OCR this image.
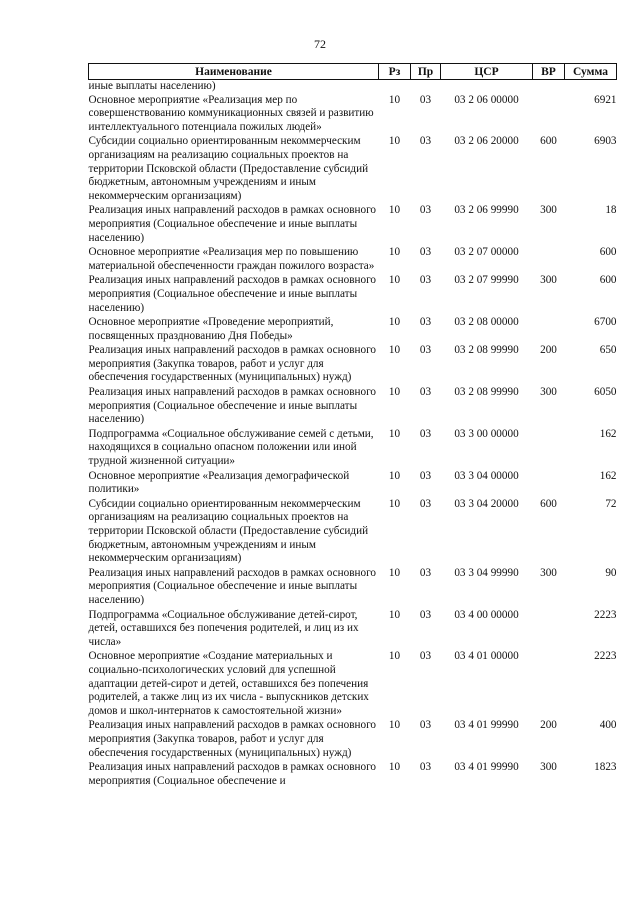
72
Наименование	Рз	Пр	ЦСР	ВР	Сумма
иные выплаты населению)					
Основное мероприятие «Реализация мер по совершенствованию коммуникационных связей и развитию интеллектуального потенциала пожилых людей»	10	03	03 2 06 00000		6921
Субсидии социально ориентированным некоммерческим организациям на реализацию социальных проектов на территории Псковской области (Предоставление субсидий бюджетным, автономным учреждениям и иным некоммерческим организациям)	10	03	03 2 06 20000	600	6903
Реализация иных направлений расходов в рамках основного мероприятия (Социальное обеспечение и иные выплаты населению)	10	03	03 2 06 99990	300	18
Основное мероприятие «Реализация мер по повышению материальной обеспеченности граждан пожилого возраста»	10	03	03 2 07 00000		600
Реализация иных направлений расходов в рамках основного мероприятия (Социальное обеспечение и иные выплаты населению)	10	03	03 2 07 99990	300	600
Основное мероприятие «Проведение мероприятий, посвященных празднованию Дня Победы»	10	03	03 2 08 00000		6700
Реализация иных направлений расходов в рамках основного мероприятия (Закупка товаров, работ и услуг для обеспечения государственных (муниципальных) нужд)	10	03	03 2 08 99990	200	650
Реализация иных направлений расходов в рамках основного мероприятия (Социальное обеспечение и иные выплаты населению)	10	03	03 2 08 99990	300	6050
Подпрограмма «Социальное обслуживание семей с детьми, находящихся в социально опасном положении или иной трудной жизненной ситуации»	10	03	03 3 00 00000		162
Основное мероприятие «Реализация демографической политики»	10	03	03 3 04 00000		162
Субсидии социально ориентированным некоммерческим организациям на реализацию социальных проектов на территории Псковской области (Предоставление субсидий бюджетным, автономным учреждениям и иным некоммерческим организациям)	10	03	03 3 04 20000	600	72
Реализация иных направлений расходов в рамках основного мероприятия (Социальное обеспечение и иные выплаты населению)	10	03	03 3 04 99990	300	90
Подпрограмма «Социальное обслуживание детей-сирот, детей, оставшихся без попечения родителей, и лиц из их числа»	10	03	03 4 00 00000		2223
Основное мероприятие «Создание материальных и социально-психологических условий для успешной адаптации детей-сирот и детей, оставшихся без попечения родителей, а также лиц из их числа - выпускников детских домов и школ-интернатов к самостоятельной жизни»	10	03	03 4 01 00000		2223
Реализация иных направлений расходов в рамках основного мероприятия (Закупка товаров, работ и услуг для обеспечения государственных (муниципальных) нужд)	10	03	03 4 01 99990	200	400
Реализация иных направлений расходов в рамках основного мероприятия (Социальное обеспечение и	10	03	03 4 01 99990	300	1823
